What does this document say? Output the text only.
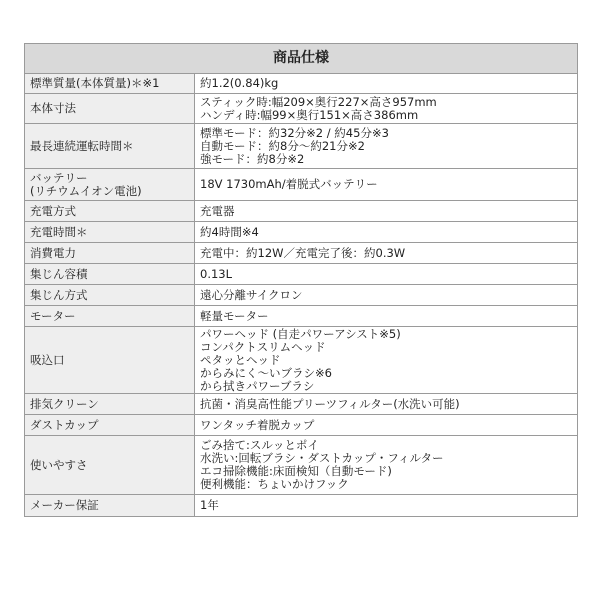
商品仕様	

標準質量(本体質量)＊※1	約1.2(0.84)kg

本体寸法	スティック時:幅209×奥行227×高さ957mm
ハンディ時:幅99×奥行151×高さ386mm

最長連続運転時間＊	標準モード：約32分※2 / 約45分※3
自動モード：約8分〜約21分※2
強モード：約8分※2

バッテリー
(リチウムイオン電池)	18V 1730mAh/着脱式バッテリー

充電方式	充電器

充電時間＊	約4時間※4

消費電力	充電中：約12W／充電完了後：約0.3W

集じん容積	0.13L

集じん方式	遠心分離サイクロン

モーター	軽量モーター

吸込口	パワーヘッド (自走パワーアシスト※5)
コンパクトスリムヘッド
ペタッとヘッド
からみにく〜いブラシ※6
から拭きパワーブラシ

排気クリーン	抗菌・消臭高性能プリーツフィルター(水洗い可能)

ダストカップ	ワンタッチ着脱カップ

使いやすさ	ごみ捨て:スルッとポイ
水洗い:回転ブラシ・ダストカップ・フィルター
エコ掃除機能:床面検知（自動モード)
便利機能：ちょいかけフック

メーカー保証	1年
